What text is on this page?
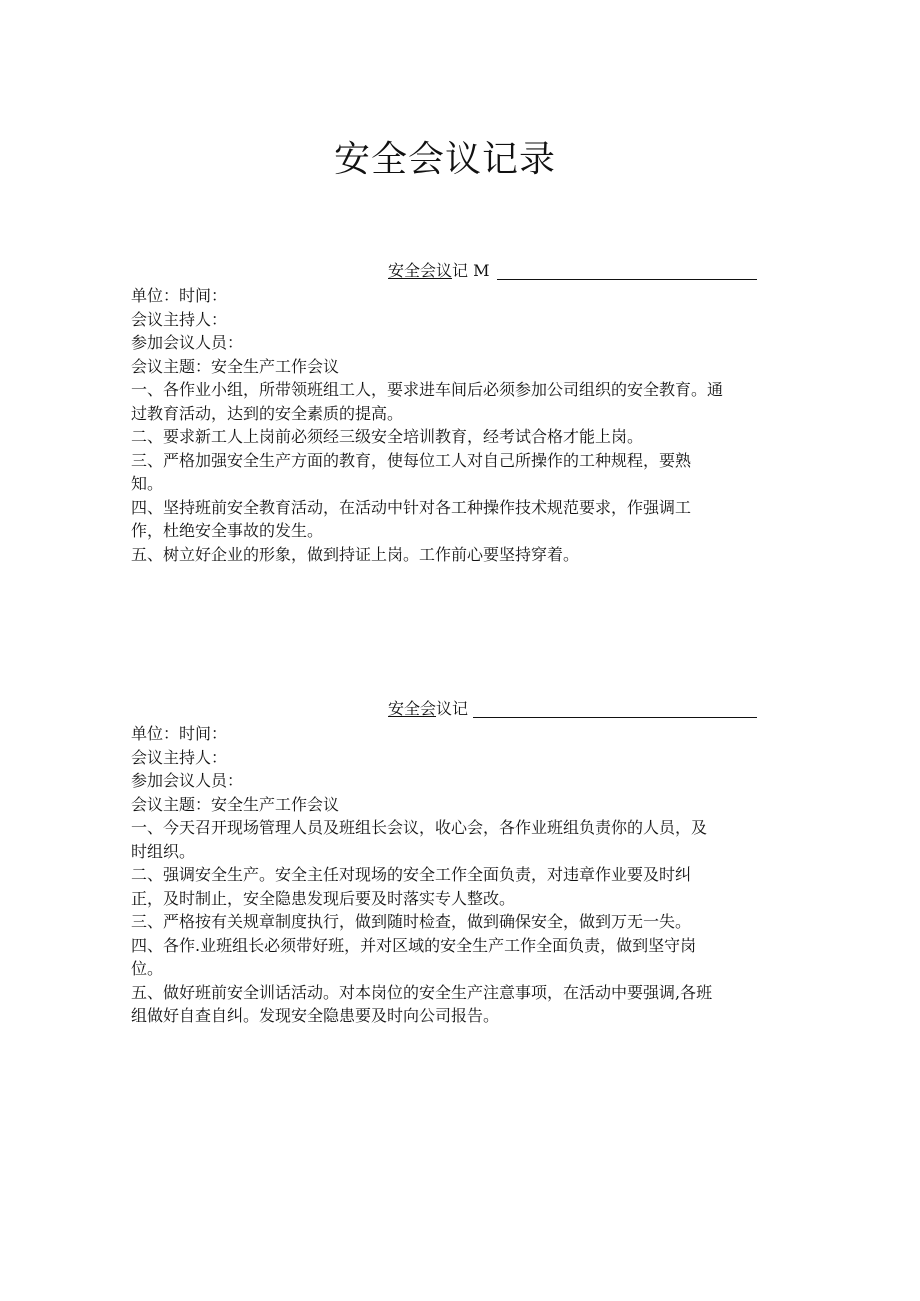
安全会议记录
安全会议记 M
单位：时间：
会议主持人：
参加会议人员：
会议主题：安全生产工作会议
一、各作业小组，所带领班组工人，要求进车间后必须参加公司组织的安全教育。通
过教育活动，达到的安全素质的提高。
二、要求新工人上岗前必须经三级安全培训教育，经考试合格才能上岗。
三、严格加强安全生产方面的教育，使每位工人对自己所操作的工种规程，要熟
知。
四、坚持班前安全教育活动，在活动中针对各工种操作技术规范要求，作强调工
作，杜绝安全事故的发生。
五、树立好企业的形象，做到持证上岗。工作前心要坚持穿着。
安全会议记
单位：时间：
会议主持人：
参加会议人员：
会议主题：安全生产工作会议
一、今天召开现场管理人员及班组长会议，收心会，各作业班组负责你的人员，及
时组织。
二、强调安全生产。安全主任对现场的安全工作全面负责，对违章作业要及时纠
正，及时制止，安全隐患发现后要及时落实专人整改。
三、严格按有关规章制度执行，做到随时检查，做到确保安全，做到万无一失。
四、各作.业班组长必须带好班，并对区域的安全生产工作全面负责，做到坚守岗
位。
五、做好班前安全训话活动。对本岗位的安全生产注意事项，在活动中要强调,各班
组做好自查自纠。发现安全隐患要及时向公司报告。
